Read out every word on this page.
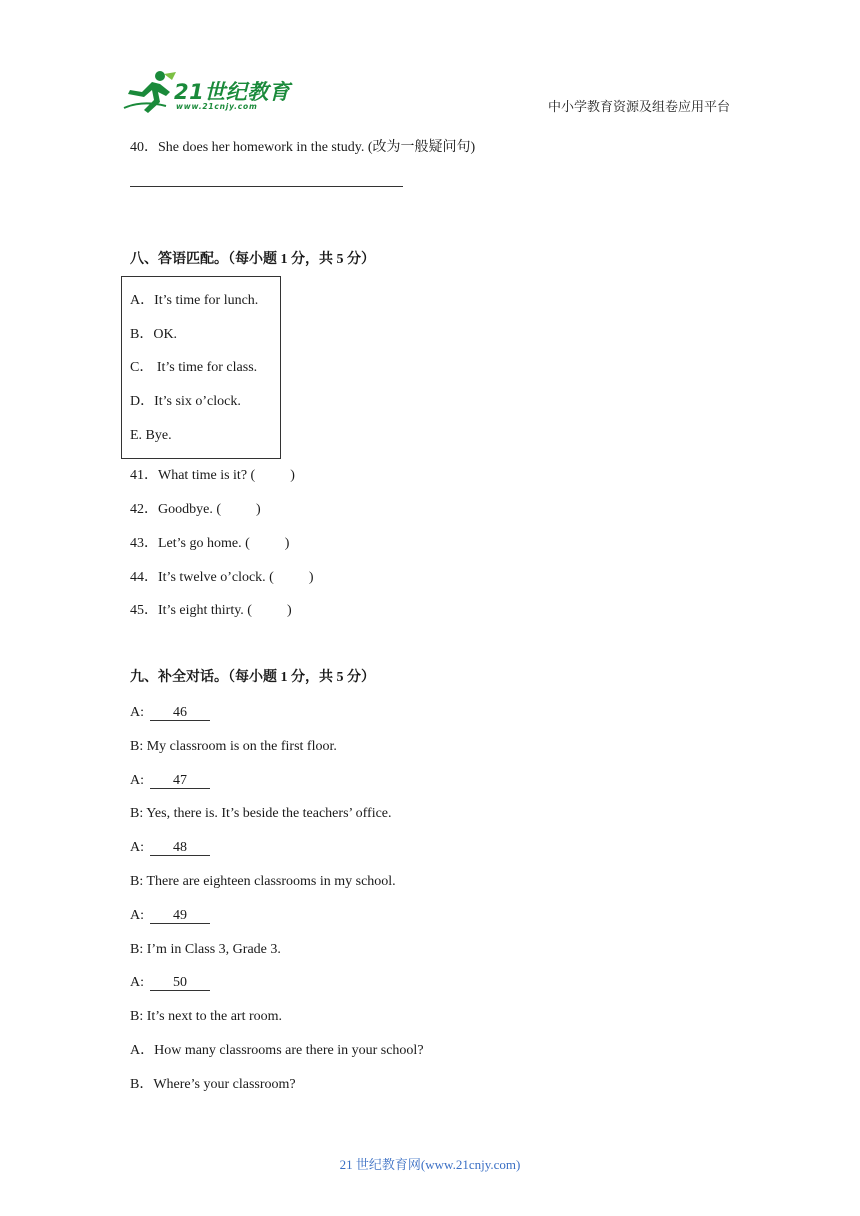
21世纪教育
www.21cnjy.com	中小学教育资源及组卷应用平台
40．She does her homework in the study. (改为一般疑问句)
八、答语匹配。（每小题 1 分，共 5 分）
A．It’s time for lunch.
B．OK.
C． It’s time for class.
D．It’s six o’clock.
E. Bye.
41．What time is it? (          )
42．Goodbye. (          )
43．Let’s go home. (          )
44．It’s twelve o’clock. (          )
45．It’s eight thirty. (          )
九、补全对话。（每小题 1 分，共 5 分）
A: 46
B: My classroom is on the first floor.
A: 47
B: Yes, there is. It’s beside the teachers’ office.
A: 48
B: There are eighteen classrooms in my school.
A: 49
B: I’m in Class 3, Grade 3.
A: 50
B: It’s next to the art room.
A．How many classrooms are there in your school?
B．Where’s your classroom?
21 世纪教育网(www.21cnjy.com)
